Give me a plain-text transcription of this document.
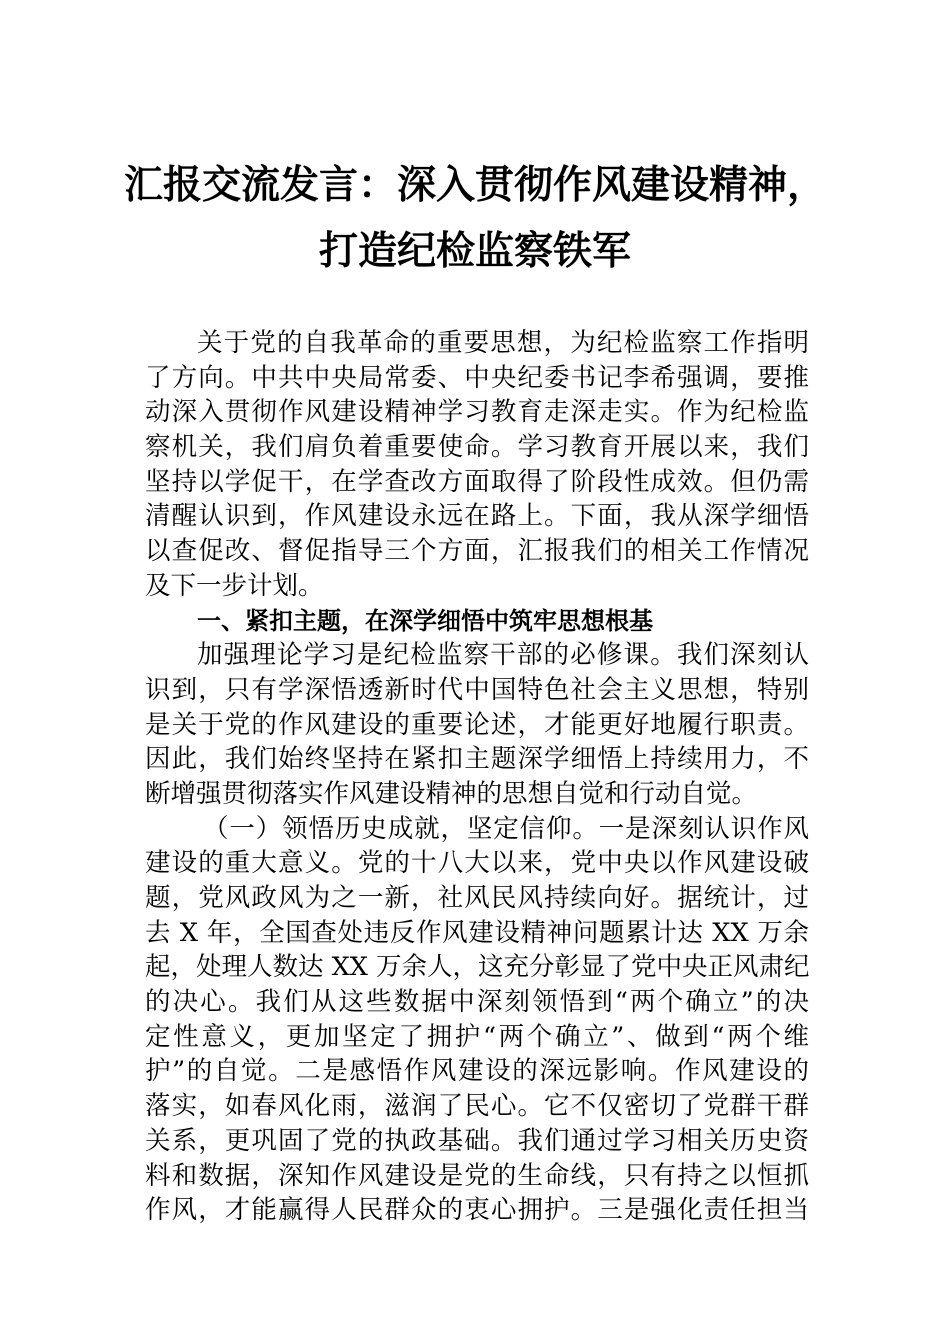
汇报交流发言：深入贯彻作风建设精神，
打造纪检监察铁军
关于党的自我革命的重要思想，为纪检监察工作指明
了方向。中共中央局常委、中央纪委书记李希强调，要推
动深入贯彻作风建设精神学习教育走深走实。作为纪检监
察机关，我们肩负着重要使命。学习教育开展以来，我们
坚持以学促干，在学查改方面取得了阶段性成效。但仍需
清醒认识到，作风建设永远在路上。下面，我从深学细悟
以查促改、督促指导三个方面，汇报我们的相关工作情况
及下一步计划。
一、紧扣主题，在深学细悟中筑牢思想根基
加强理论学习是纪检监察干部的必修课。我们深刻认
识到，只有学深悟透新时代中国特色社会主义思想，特别
是关于党的作风建设的重要论述，才能更好地履行职责。
因此，我们始终坚持在紧扣主题深学细悟上持续用力，不
断增强贯彻落实作风建设精神的思想自觉和行动自觉。
（一）领悟历史成就，坚定信仰。一是深刻认识作风
建设的重大意义。党的十八大以来，党中央以作风建设破
题，党风政风为之一新，社风民风持续向好。据统计，过
去 X 年，全国查处违反作风建设精神问题累计达 XX 万余
起，处理人数达 XX 万余人，这充分彰显了党中央正风肃纪
的决心。我们从这些数据中深刻领悟到“两个确立”的决
定性意义，更加坚定了拥护“两个确立”、做到“两个维
护”的自觉。二是感悟作风建设的深远影响。作风建设的
落实，如春风化雨，滋润了民心。它不仅密切了党群干群
关系，更巩固了党的执政基础。我们通过学习相关历史资
料和数据，深知作风建设是党的生命线，只有持之以恒抓
作风，才能赢得人民群众的衷心拥护。三是强化责任担当
